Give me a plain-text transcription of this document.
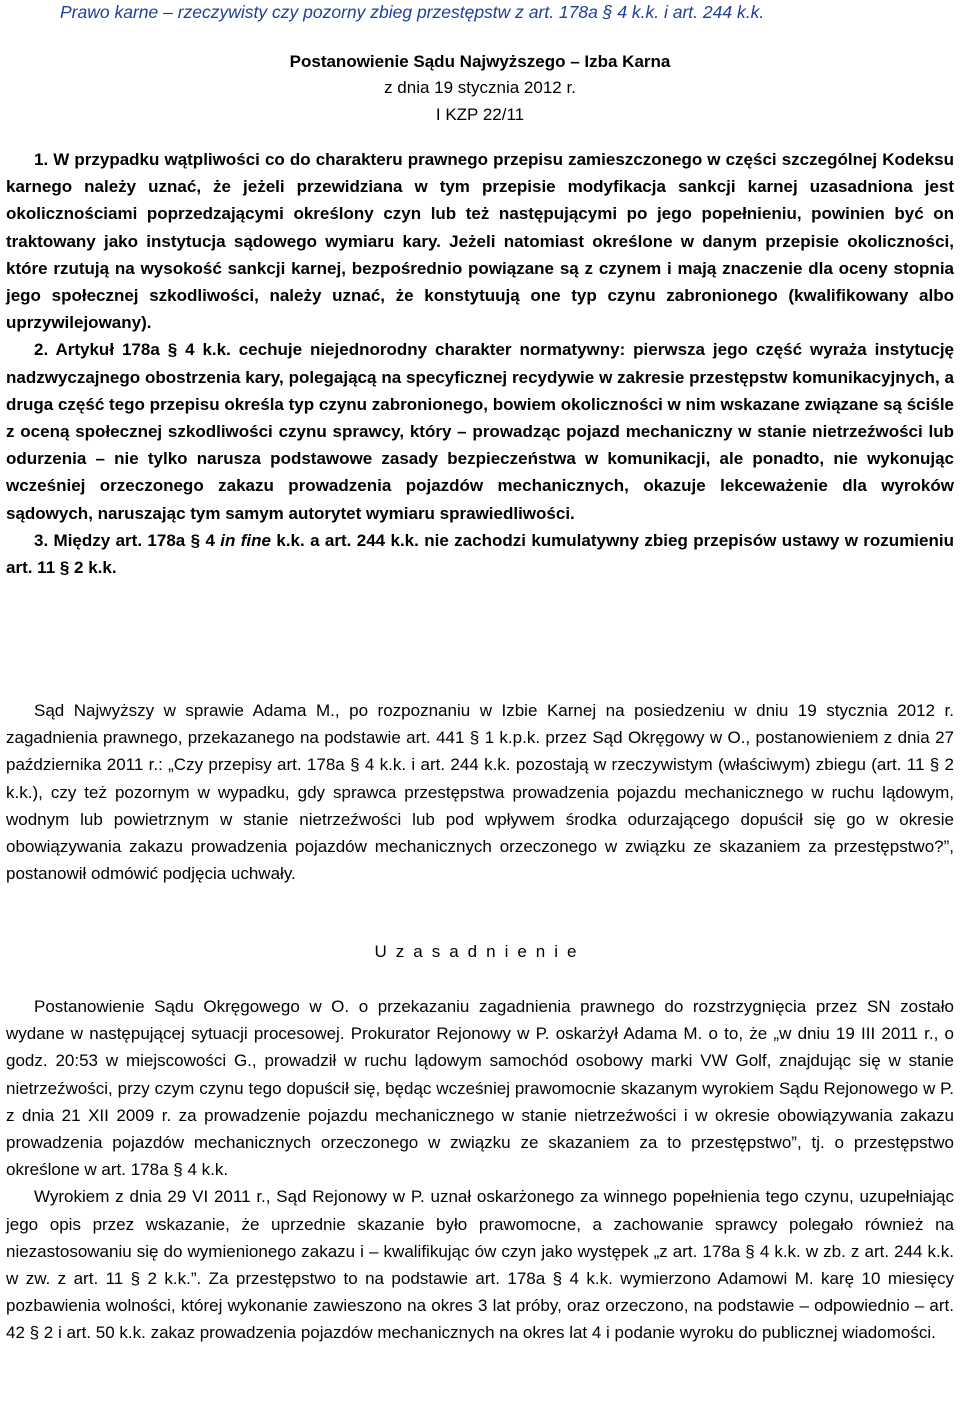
Prawo karne – rzeczywisty czy pozorny zbieg przestępstw z art. 178a § 4 k.k. i art. 244 k.k.
Postanowienie Sądu Najwyższego – Izba Karna
z dnia 19 stycznia 2012 r.
I KZP 22/11

1. W przypadku wątpliwości co do charakteru prawnego przepisu zamieszczonego w części szczególnej Kodeksu karnego należy uznać, że jeżeli przewidziana w tym przepisie modyfikacja sankcji karnej uzasadniona jest okolicznościami poprzedzającymi określony czyn lub też następującymi po jego popełnieniu, powinien być on traktowany jako instytucja sądowego wymiaru kary. Jeżeli natomiast określone w danym przepisie okoliczności, które rzutują na wysokość sankcji karnej, bezpośrednio powiązane są z czynem i mają znaczenie dla oceny stopnia jego społecznej szkodliwości, należy uznać, że konstytuują one typ czynu zabronionego (kwalifikowany albo uprzywilejowany).

2. Artykuł 178a § 4 k.k. cechuje niejednorodny charakter normatywny: pierwsza jego część wyraża instytucję nadzwyczajnego obostrzenia kary, polegającą na specyficznej recydywie w zakresie przestępstw komunikacyjnych, a druga część tego przepisu określa typ czynu zabronionego, bowiem okoliczności w nim wskazane związane są ściśle z oceną społecznej szkodliwości czynu sprawcy, który – prowadząc pojazd mechaniczny w stanie nietrzeźwości lub odurzenia – nie tylko narusza podstawowe zasady bezpieczeństwa w komunikacji, ale ponadto, nie wykonując wcześniej orzeczonego zakazu prowadzenia pojazdów mechanicznych, okazuje lekceważenie dla wyroków sądowych, naruszając tym samym autorytet wymiaru sprawiedliwości.

3. Między art. 178a § 4 in fine k.k. a art. 244 k.k. nie zachodzi kumulatywny zbieg przepisów ustawy w rozumieniu art. 11 § 2 k.k.

Sąd Najwyższy w sprawie Adama M., po rozpoznaniu w Izbie Karnej na posiedzeniu w dniu 19 stycznia 2012 r. zagadnienia prawnego, przekazanego na podstawie art. 441 § 1 k.p.k. przez Sąd Okręgowy w O., postanowieniem z dnia 27 października 2011 r.: „Czy przepisy art. 178a § 4 k.k. i art. 244 k.k. pozostają w rzeczywistym (właściwym) zbiegu (art. 11 § 2 k.k.), czy też pozornym w wypadku, gdy sprawca przestępstwa prowadzenia pojazdu mechanicznego w ruchu lądowym, wodnym lub powietrznym w stanie nietrzeźwości lub pod wpływem środka odurzającego dopuścił się go w okresie obowiązywania zakazu prowadzenia pojazdów mechanicznych orzeczonego w związku ze skazaniem za przestępstwo?”, postanowił odmówić podjęcia uchwały.

Uzasadnienie

Postanowienie Sądu Okręgowego w O. o przekazaniu zagadnienia prawnego do rozstrzygnięcia przez SN zostało wydane w następującej sytuacji procesowej. Prokurator Rejonowy w P. oskarżył Adama M. o to, że „w dniu 19 III 2011 r., o godz. 20:53 w miejscowości G., prowadził w ruchu lądowym samochód osobowy marki VW Golf, znajdując się w stanie nietrzeźwości, przy czym czynu tego dopuścił się, będąc wcześniej prawomocnie skazanym wyrokiem Sądu Rejonowego w P. z dnia 21 XII 2009 r. za prowadzenie pojazdu mechanicznego w stanie nietrzeźwości i w okresie obowiązywania zakazu prowadzenia pojazdów mechanicznych orzeczonego w związku ze skazaniem za to przestępstwo”, tj. o przestępstwo określone w art. 178a § 4 k.k.

Wyrokiem z dnia 29 VI 2011 r., Sąd Rejonowy w P. uznał oskarżonego za winnego popełnienia tego czynu, uzupełniając jego opis przez wskazanie, że uprzednie skazanie było prawomocne, a zachowanie sprawcy polegało również na niezastosowaniu się do wymienionego zakazu i – kwalifikując ów czyn jako występek „z art. 178a § 4 k.k. w zb. z art. 244 k.k. w zw. z art. 11 § 2 k.k.”. Za przestępstwo to na podstawie art. 178a § 4 k.k. wymierzono Adamowi M. karę 10 miesięcy pozbawienia wolności, której wykonanie zawieszono na okres 3 lat próby, oraz orzeczono, na podstawie – odpowiednio – art. 42 § 2 i art. 50 k.k. zakaz prowadzenia pojazdów mechanicznych na okres lat 4 i podanie wyroku do publicznej wiadomości.
